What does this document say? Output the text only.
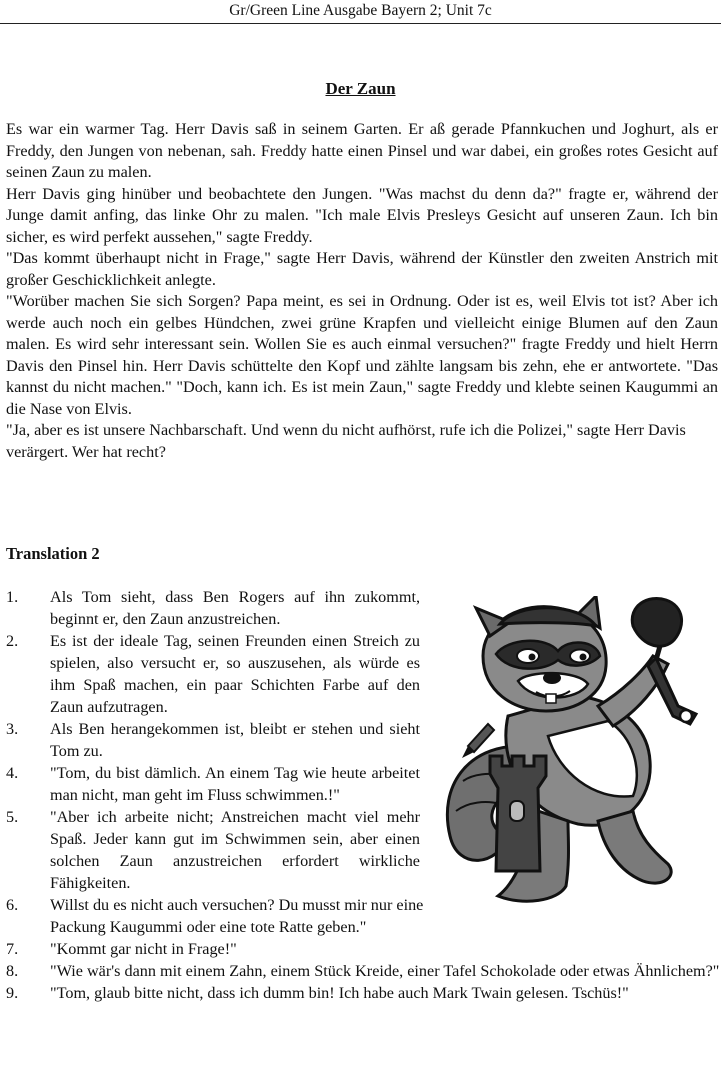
Gr/Green Line Ausgabe Bayern 2; Unit 7c
Der Zaun

Es war ein warmer Tag. Herr Davis saß in seinem Garten. Er aß gerade Pfannkuchen und Joghurt, als er Freddy, den Jungen von nebenan, sah. Freddy hatte einen Pinsel und war dabei, ein großes rotes Gesicht auf seinen Zaun zu malen.

Herr Davis ging hinüber und beobachtete den Jungen. "Was machst du denn da?" fragte er, während der Junge damit anfing, das linke Ohr zu malen. "Ich male Elvis Presleys Gesicht auf unseren Zaun. Ich bin sicher, es wird perfekt aussehen," sagte Freddy.

"Das kommt überhaupt nicht in Frage," sagte Herr Davis, während der Künstler den zweiten Anstrich mit großer Geschicklichkeit anlegte.

"Worüber machen Sie sich Sorgen? Papa meint, es sei in Ordnung. Oder ist es, weil Elvis tot ist? Aber ich werde auch noch ein gelbes Hündchen, zwei grüne Krapfen und vielleicht einige Blumen auf den Zaun malen. Es wird sehr interessant sein. Wollen Sie es auch einmal versuchen?" fragte Freddy und hielt Herrn Davis den Pinsel hin. Herr Davis schüttelte den Kopf und zählte langsam bis zehn, ehe er antwortete. "Das kannst du nicht machen." "Doch, kann ich. Es ist mein Zaun," sagte Freddy und klebte seinen Kaugummi an die Nase von Elvis.

"Ja, aber es ist unsere Nachbarschaft. Und wenn du nicht aufhörst, rufe ich die Polizei," sagte Herr Davis verärgert. Wer hat recht?

Translation 2
1.	Als Tom sieht, dass Ben Rogers auf ihn zukommt, beginnt er, den Zaun anzustreichen.
2.	Es ist der ideale Tag, seinen Freunden einen Streich zu spielen, also versucht er, so auszusehen, als würde es ihm Spaß machen, ein paar Schichten Farbe auf den Zaun aufzutragen.
3.	Als Ben herangekommen ist, bleibt er stehen und sieht Tom zu.
4.	"Tom, du bist dämlich. An einem Tag wie heute arbeitet man nicht, man geht im Fluss schwimmen.!"
5.	"Aber ich arbeite nicht; Anstreichen macht viel mehr Spaß. Jeder kann gut im Schwimmen sein, aber einen solchen Zaun anzustreichen erfordert wirkliche Fähigkeiten.
6.	Willst du es nicht auch versuchen? Du musst mir nur eine Packung Kaugummi oder eine tote Ratte geben."
7.	"Kommt gar nicht in Frage!"
8.	"Wie wär's dann mit einem Zahn, einem Stück Kreide, einer Tafel Schokolade oder etwas Ähnlichem?"
9.	"Tom, glaub bitte nicht, dass ich dumm bin! Ich habe auch Mark Twain gelesen. Tschüs!"
